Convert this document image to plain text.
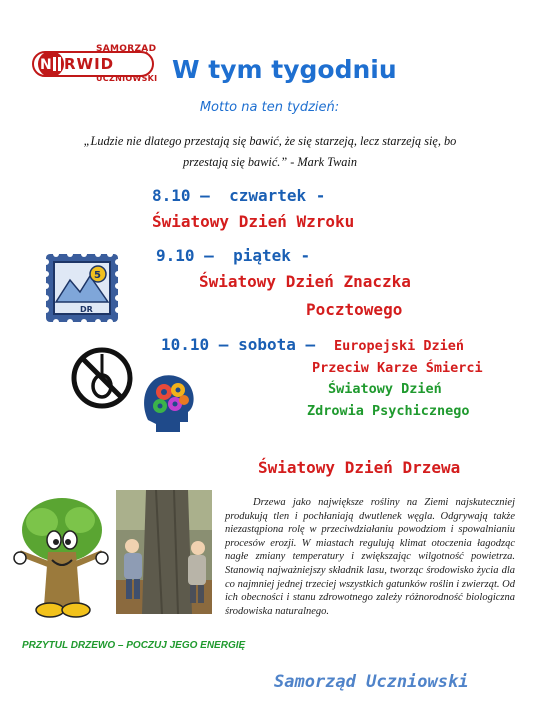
N
SAMORZĄD
RWID
UCZNIOWSKI W tym tygodniu
Motto na ten tydzień:
„Ludzie nie dlatego przestają się bawić, że się starzeją, lecz starzeją się, bo
przestają się bawić.” - Mark Twain
8.10 –  czwartek -
Światowy Dzień Wzroku
5
DR
9.10 –  piątek -
Światowy Dzień Znaczka
Pocztowego
10.10 – sobota – Europejski Dzień
Przeciw Karze Śmierci
Światowy Dzień
Zdrowia Psychicznego
Światowy Dzień Drzewa
Drzewa jako największe rośliny na Ziemi najskuteczniej produkują tlen i pochłaniają dwutlenek węgla. Odgrywają także niezastąpiona rolę w przeciwdziałaniu powodziom i spowalnianiu procesów erozji. W miastach regulują klimat otoczenia łagodząc nagłe zmiany temperatury i zwiększając wilgotność powietrza. Stanowią najważniejszy składnik lasu, tworząc środowisko życia dla co najmniej jednej trzeciej wszystkich gatunków roślin i zwierząt. Od ich obecności i stanu zdrowotnego zależy różnorodność biologiczna środowiska naturalnego.
PRZYTUL DRZEWO – POCZUJ JEGO ENERGIĘ
Samorząd Uczniowski
